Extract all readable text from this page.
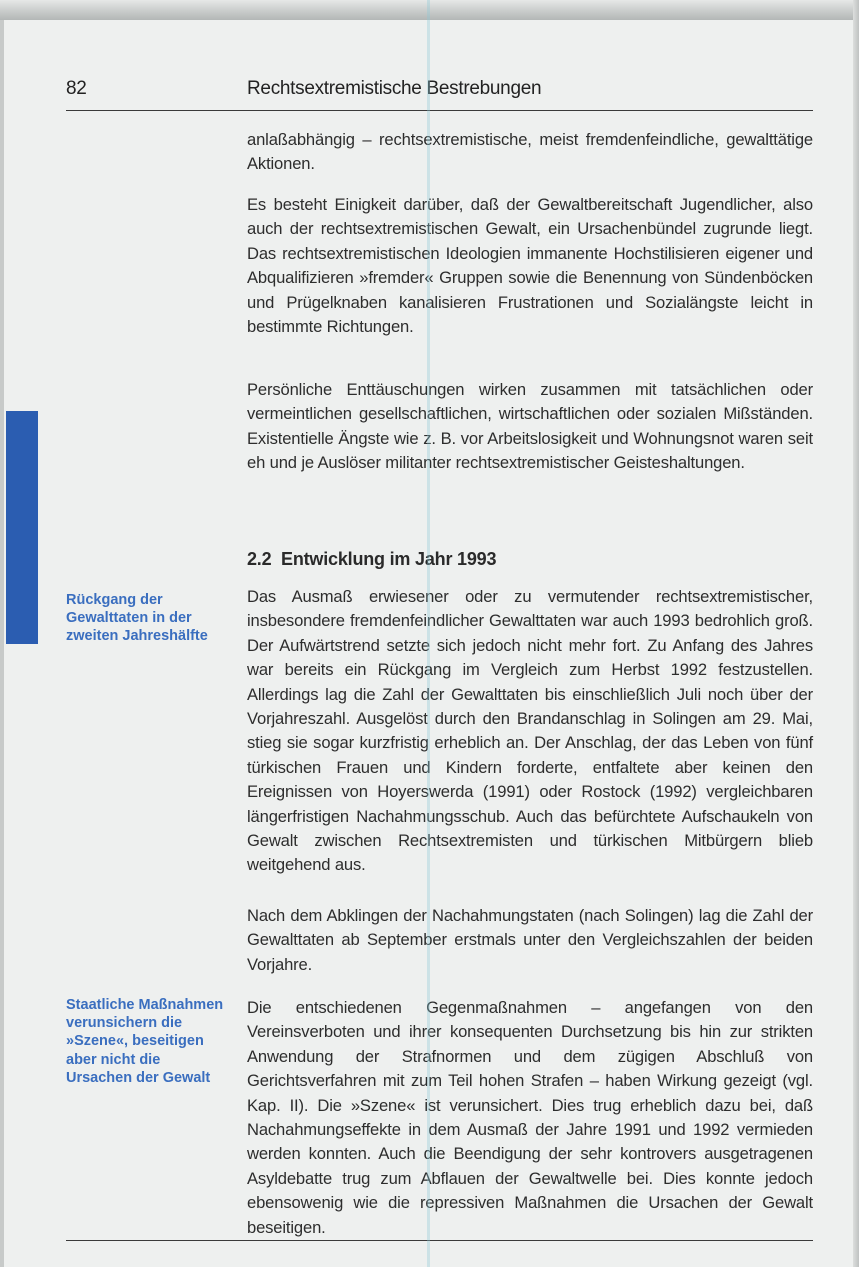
82	Rechtsextremistische Bestrebungen

anlaßabhängig – rechtsextremistische, meist fremdenfeindliche, gewalttätige Aktionen.

Es besteht Einigkeit darüber, daß der Gewaltbereitschaft Jugendlicher, also auch der rechtsextremistischen Gewalt, ein Ursachenbündel zugrunde liegt. Das rechtsextremistischen Ideologien immanente Hochstilisieren eigener und Abqualifizieren »fremder« Gruppen sowie die Benennung von Sündenböcken und Prügelknaben kanalisieren Frustrationen und Sozialängste leicht in bestimmte Richtungen.

Persönliche Enttäuschungen wirken zusammen mit tatsächlichen oder vermeintlichen gesellschaftlichen, wirtschaftlichen oder sozialen Mißständen. Existentielle Ängste wie z. B. vor Arbeitslosigkeit und Wohnungsnot waren seit eh und je Auslöser militanter rechtsextremistischer Geisteshaltungen.

2.2  Entwicklung im Jahr 1993

Das Ausmaß erwiesener oder zu vermutender rechtsextremistischer, insbesondere fremdenfeindlicher Gewalttaten war auch 1993 bedrohlich groß. Der Aufwärtstrend setzte sich jedoch nicht mehr fort. Zu Anfang des Jahres war bereits ein Rückgang im Vergleich zum Herbst 1992 festzustellen. Allerdings lag die Zahl der Gewalttaten bis einschließlich Juli noch über der Vorjahreszahl. Ausgelöst durch den Brandanschlag in Solingen am 29. Mai, stieg sie sogar kurzfristig erheblich an. Der Anschlag, der das Leben von fünf türkischen Frauen und Kindern forderte, entfaltete aber keinen den Ereignissen von Hoyerswerda (1991) oder Rostock (1992) vergleichbaren längerfristigen Nachahmungsschub. Auch das befürchtete Aufschaukeln von Gewalt zwischen Rechtsextremisten und türkischen Mitbürgern blieb weitgehend aus.

Nach dem Abklingen der Nachahmungstaten (nach Solingen) lag die Zahl der Gewalttaten ab September erstmals unter den Vergleichszahlen der beiden Vorjahre.

Die entschiedenen Gegenmaßnahmen – angefangen von den Vereinsverboten und ihrer konsequenten Durchsetzung bis hin zur strikten Anwendung der Strafnormen und dem zügigen Abschluß von Gerichtsverfahren mit zum Teil hohen Strafen – haben Wirkung gezeigt (vgl. Kap. II). Die »Szene« ist verunsichert. Dies trug erheblich dazu bei, daß Nachahmungseffekte in dem Ausmaß der Jahre 1991 und 1992 vermieden werden konnten. Auch die Beendigung der sehr kontrovers ausgetragenen Asyldebatte trug zum Abflauen der Gewaltwelle bei. Dies konnte jedoch ebensowenig wie die repressiven Maßnahmen die Ursachen der Gewalt beseitigen.

Rückgang der Gewalttaten in der zweiten Jahreshälfte
Staatliche Maßnahmen verunsichern die »Szene«, beseitigen aber nicht die Ursachen der Gewalt
